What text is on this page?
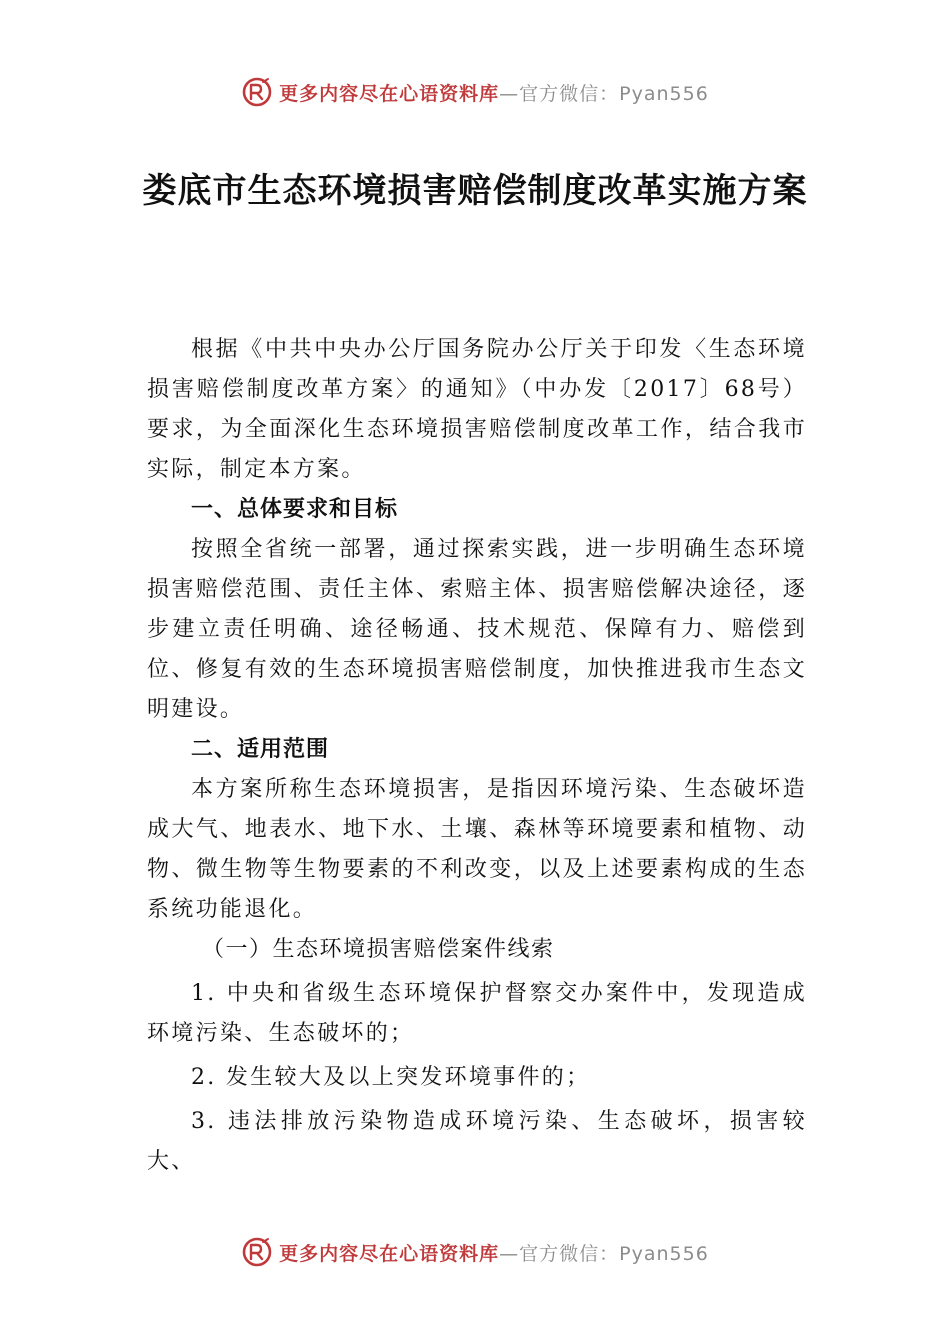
更多内容尽在心语资料库 —官方微信：Pyan556
娄底市生态环境损害赔偿制度改革实施方案

根据《中共中央办公厅国务院办公厅关于印发〈生态环境损害赔偿制度改革方案〉的通知》（中办发〔2017〕68号） 要求，为全面深化生态环境损害赔偿制度改革工作，结合我市实际，制定本方案。

一、总体要求和目标

按照全省统一部署，通过探索实践，进一步明确生态环境损害赔偿范围、责任主体、索赔主体、损害赔偿解决途径，逐步建立责任明确、途径畅通、技术规范、保障有力、赔偿到位、修复有效的生态环境损害赔偿制度，加快推进我市生态文明建设。

二、适用范围

本方案所称生态环境损害，是指因环境污染、生态破坏造成大气、地表水、地下水、土壤、森林等环境要素和植物、动物、微生物等生物要素的不利改变，以及上述要素构成的生态系统功能退化。

（一）生态环境损害赔偿案件线索

1. 中央和省级生态环境保护督察交办案件中，发现造成环境污染、生态破坏的；

2. 发生较大及以上突发环境事件的；

3. 违法排放污染物造成环境污染、生态破坏，损害较大、

更多内容尽在心语资料库 —官方微信：Pyan556
